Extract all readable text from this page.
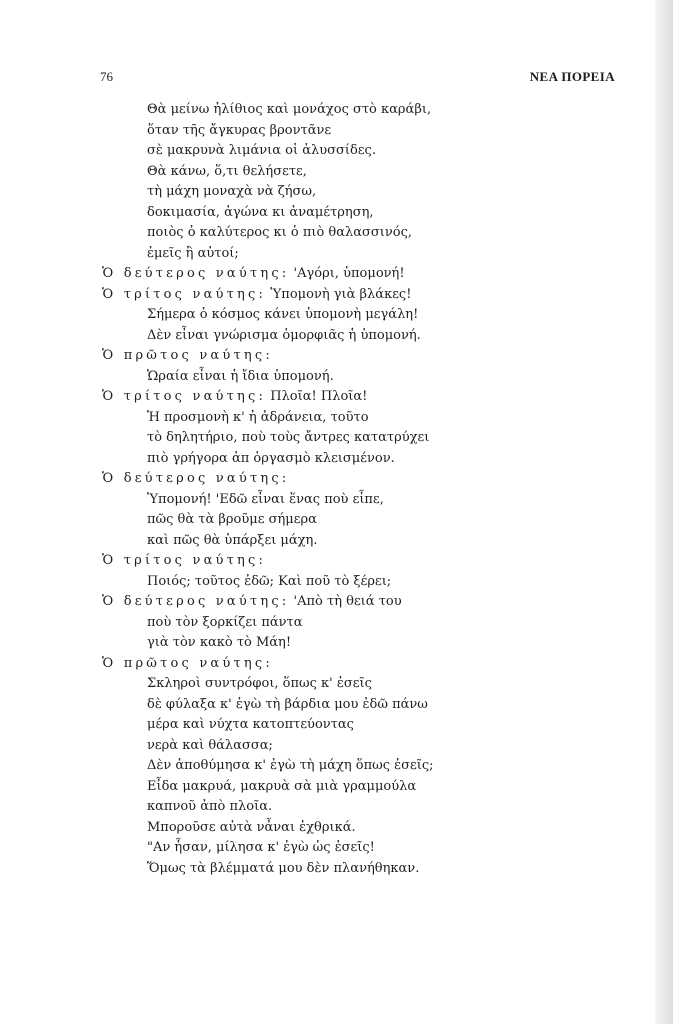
76	ΝΕΑ ΠΟΡΕΙΑ
Θὰ μείνω ἠλίθιος καὶ μονάχος στὸ καράβι,
ὅταν τῆς ἄγκυρας βροντᾶνε
σὲ μακρυνὰ λιμάνια οἱ ἁλυσσίδες.
Θὰ κάνω, ὅ,τι θελήσετε,
τὴ μάχη μοναχὰ νὰ ζήσω,
δοκιμασία, ἀγώνα κι ἀναμέτρηση,
ποιὸς ὁ καλύτερος κι ὁ πιὸ θαλασσινός,
ἐμεῖς ἢ αὐτοί;
Ὁ δεύτερος ναύτης: 'Αγόρι, ὑπομονή!
Ὁ τρίτος ναύτης: Ὑπομονὴ γιὰ βλάκες!
Σήμερα ὁ κόσμος κάνει ὑπομονὴ μεγάλη!
Δὲν εἶναι γνώρισμα ὁμορφιᾶς ἡ ὑπομονή.
Ὁ πρῶτος ναύτης:
Ὡραία εἶναι ἡ ἴδια ὑπομονή.
Ὁ τρίτος ναύτης: Πλοῖα! Πλοῖα!
Ἡ προσμονὴ κ' ἡ ἀδράνεια, τοῦτο
τὸ δηλητήριο, ποὺ τοὺς ἄντρες κατατρύχει
πιὸ γρήγορα ἀπ ὀργασμὸ κλεισμένον.
Ὁ δεύτερος ναύτης:
Ὑπομονή! 'Εδῶ εἶναι ἕνας ποὺ εἶπε,
πῶς θὰ τὰ βροῦμε σήμερα
καὶ πῶς θὰ ὑπάρξει μάχη.
Ὁ τρίτος ναύτης:
Ποιός; τοῦτος ἐδῶ; Καὶ ποῦ τὸ ξέρει;
Ὁ δεύτερος ναύτης: 'Απὸ τὴ θειά του
ποὺ τὸν ξορκίζει πάντα
γιὰ τὸν κακὸ τὸ Μάη!
Ὁ πρῶτος ναύτης:
Σκληροὶ συντρόφοι, ὅπως κ' ἐσεῖς
δὲ φύλαξα κ' ἐγὼ τὴ βάρδια μου ἐδῶ πάνω
μέρα καὶ νύχτα κατοπτεύοντας
νερὰ καὶ θάλασσα;
Δὲν ἀποθύμησα κ' ἐγὼ τὴ μάχη ὅπως ἐσεῖς;
Εἶδα μακρυά, μακρυὰ σὰ μιὰ γραμμούλα
καπνοῦ ἀπὸ πλοῖα.
Μποροῦσε αὐτὰ νἆναι ἐχθρικά.
"Αν ἦσαν, μίλησα κ' ἐγὼ ὡς ἐσεῖς!
Ὅμως τὰ βλέμματά μου δὲν πλανήθηκαν.
